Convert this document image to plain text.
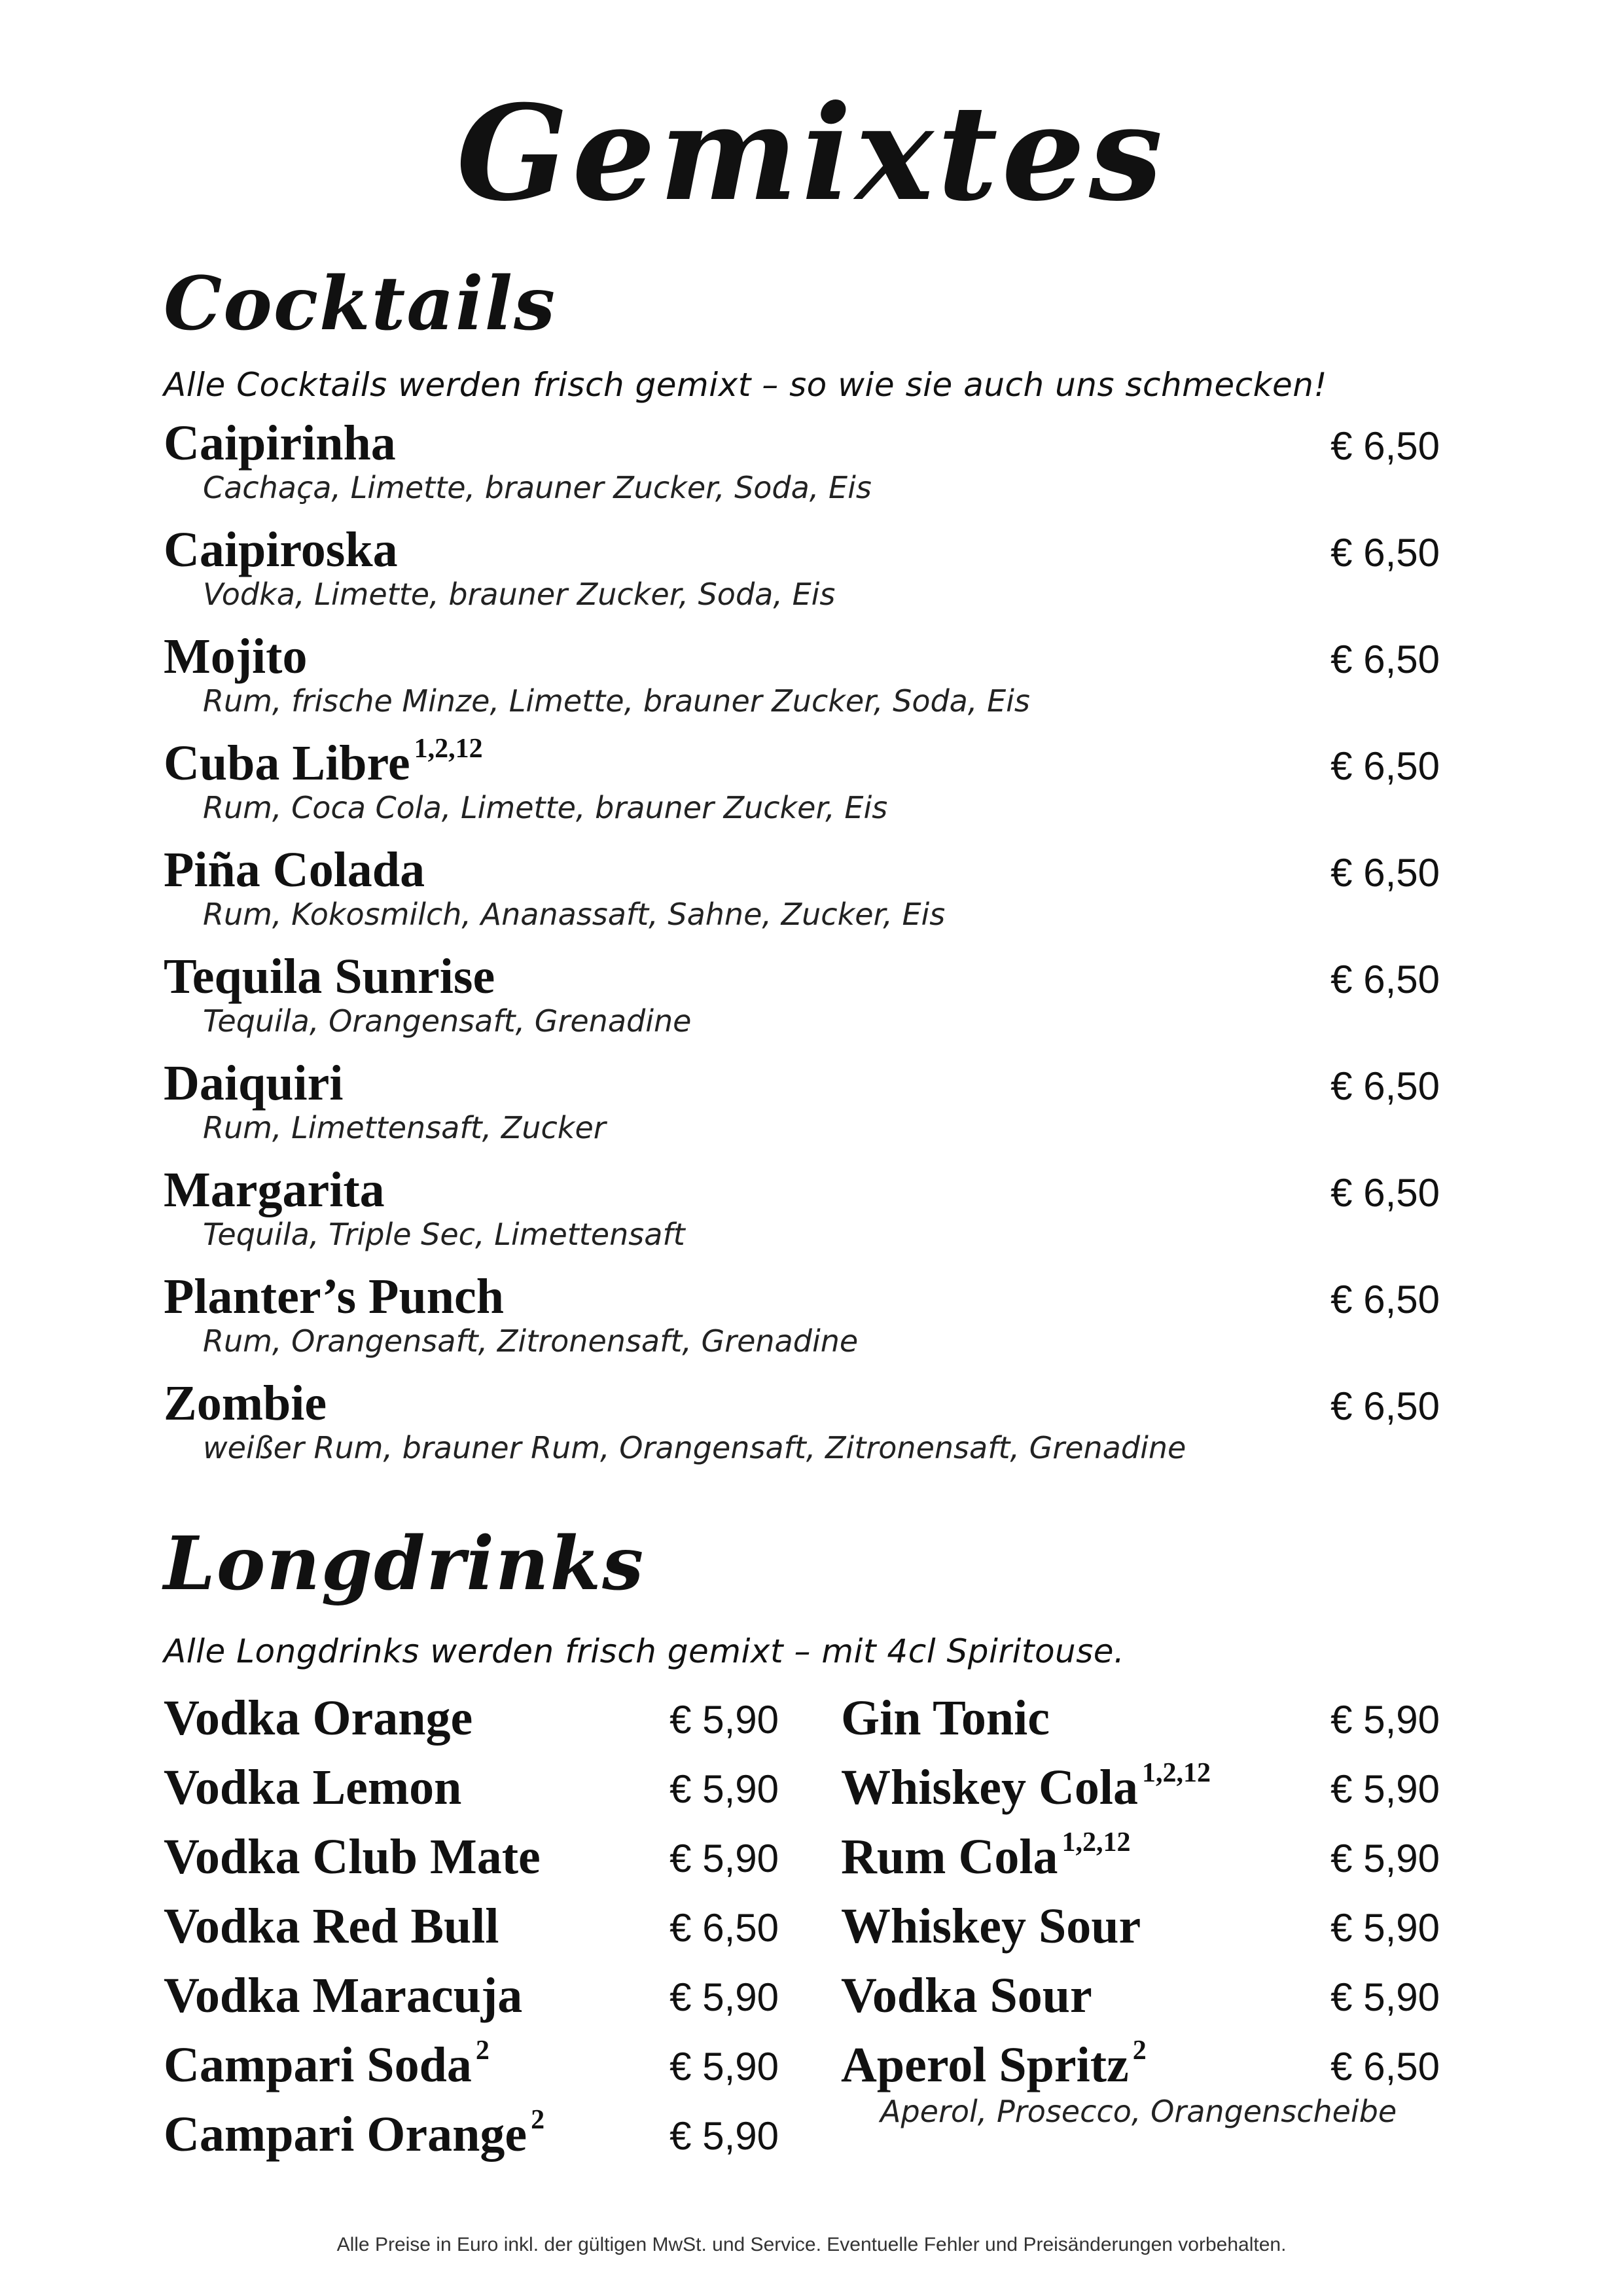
Gemixtes
Cocktails
Alle Cocktails werden frisch gemixt – so wie sie auch uns schmecken!
Caipirinha	€ 6,50
Cachaça, Limette, brauner Zucker, Soda, Eis
Caipiroska	€ 6,50
Vodka, Limette, brauner Zucker, Soda, Eis
Mojito	€ 6,50
Rum, frische Minze, Limette, brauner Zucker, Soda, Eis
Cuba Libre $^{1,2,12}$	€ 6,50
Rum, Coca Cola, Limette, brauner Zucker, Eis
Piña Colada	€ 6,50
Rum, Kokosmilch, Ananassaft, Sahne, Zucker, Eis
Tequila Sunrise	€ 6,50
Tequila, Orangensaft, Grenadine
Daiquiri	€ 6,50
Rum, Limettensaft, Zucker
Margarita	€ 6,50
Tequila, Triple Sec, Limettensaft
Planter’s Punch	€ 6,50
Rum, Orangensaft, Zitronensaft, Grenadine
Zombie	€ 6,50
weißer Rum, brauner Rum, Orangensaft, Zitronensaft, Grenadine
Longdrinks
Alle Longdrinks werden frisch gemixt – mit 4cl Spiritouse.
Vodka Orange	€ 5,90
Vodka Lemon	€ 5,90
Vodka Club Mate	€ 5,90
Vodka Red Bull	€ 6,50
Vodka Maracuja	€ 5,90
Campari Soda $^2$	€ 5,90
Campari Orange $^2$	€ 5,90
Gin Tonic	€ 5,90
Whiskey Cola $^{1,2,12}$	€ 5,90
Rum Cola $^{1,2,12}$	€ 5,90
Whiskey Sour	€ 5,90
Vodka Sour	€ 5,90
Aperol Spritz $^2$	€ 6,50
Aperol, Prosecco, Orangenscheibe
Alle Preise in Euro inkl. der gültigen MwSt. und Service. Eventuelle Fehler und Preisänderungen vorbehalten.
